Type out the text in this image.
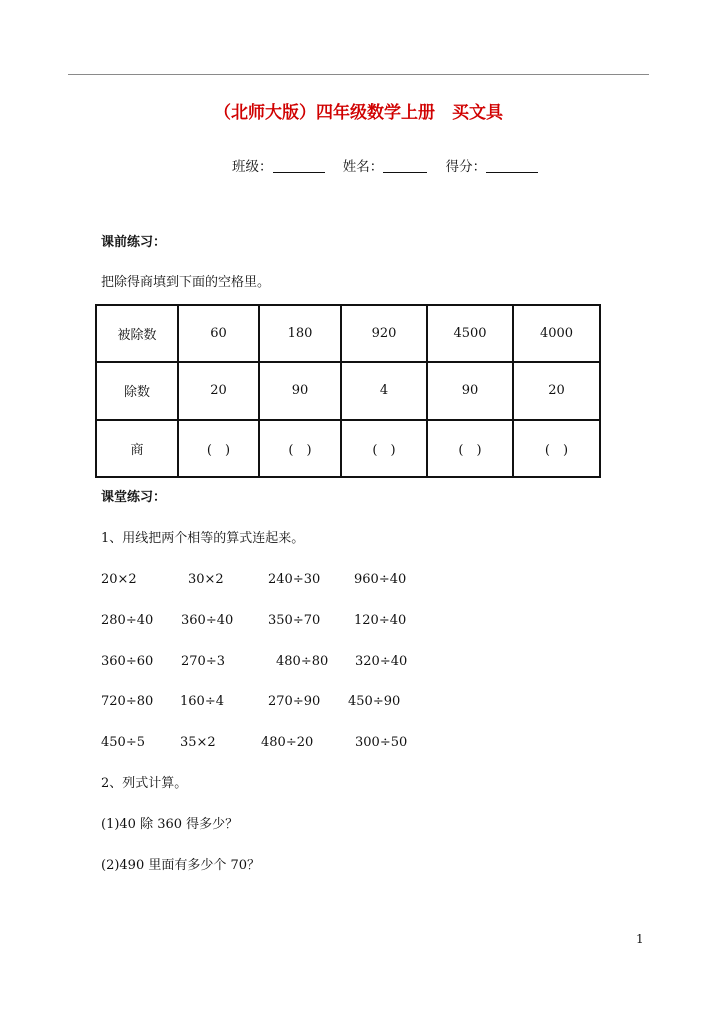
（北师大版）四年级数学上册　买文具
班级：	姓名：	得分：
课前练习：
把除得商填到下面的空格里。
被除数	60	180	920	4500	4000
除数	20	90	4	90	20
商	(　)	(　)	(　)	(　)	(　)
课堂练习：
1、用线把两个相等的算式连起来。
20×2	30×2	240÷30	960÷40
280÷40 360÷40	350÷70	120÷40
360÷60 270÷3	480÷80 320÷40
720÷80 160÷4	270÷90 450÷90
450÷5	35×2	480÷20	300÷50
2、列式计算。
(1)40 除 360 得多少？
(2)490 里面有多少个 70？
1
